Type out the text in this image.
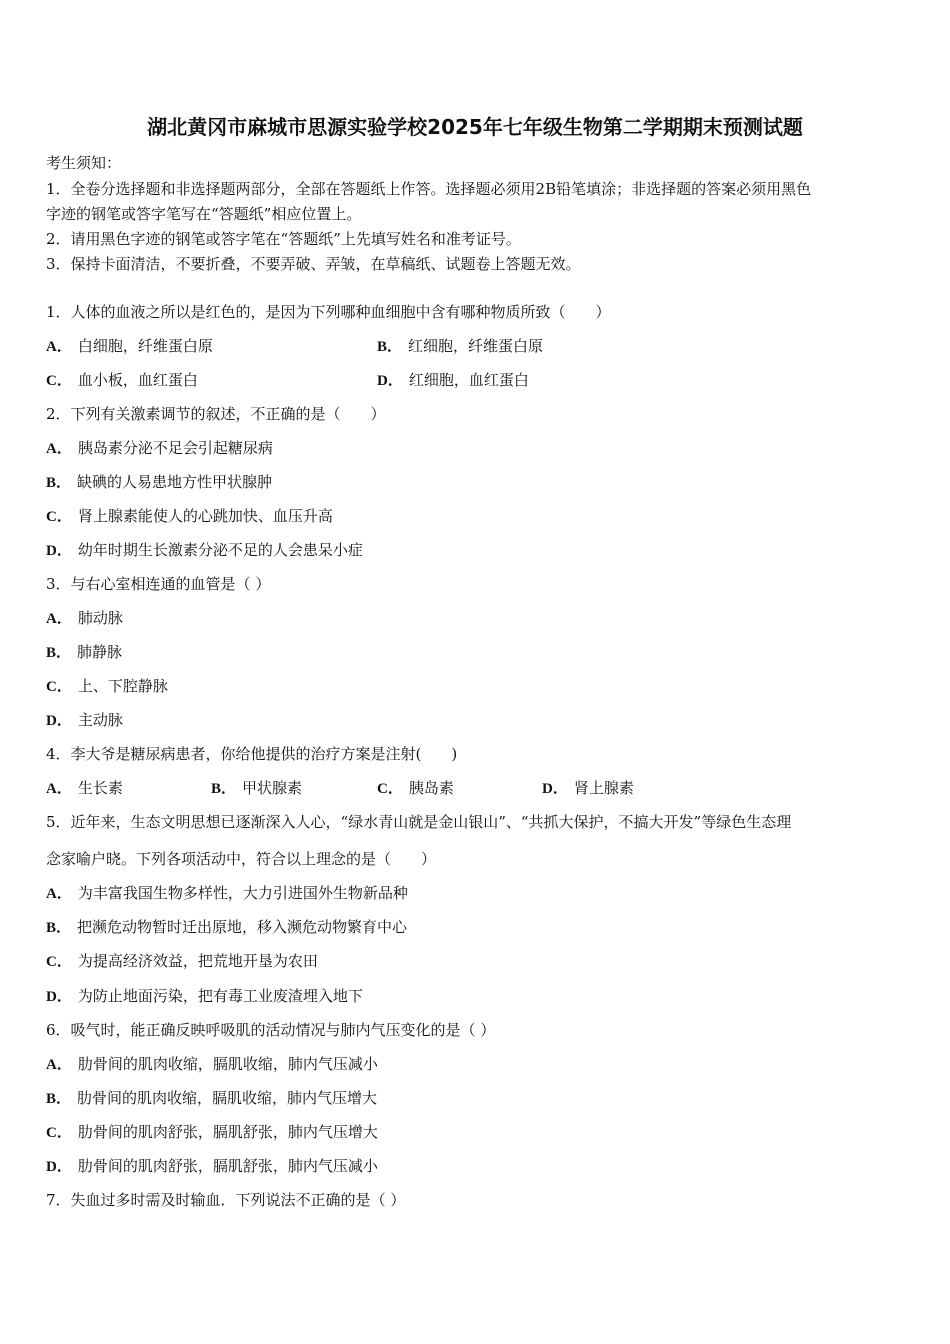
湖北黄冈市麻城市思源实验学校2025年七年级生物第二学期期末预测试题
考生须知：
1．全卷分选择题和非选择题两部分，全部在答题纸上作答。选择题必须用2B铅笔填涂；非选择题的答案必须用黑色
字迹的钢笔或答字笔写在“答题纸”相应位置上。
2．请用黑色字迹的钢笔或答字笔在“答题纸”上先填写姓名和准考证号。
3．保持卡面清洁，不要折叠，不要弄破、弄皱，在草稿纸、试题卷上答题无效。
1．人体的血液之所以是红色的，是因为下列哪种血细胞中含有哪种物质所致（　　）
A． 白细胞，纤维蛋白原	B． 红细胞，纤维蛋白原
C． 血小板，血红蛋白	D． 红细胞，血红蛋白
2．下列有关激素调节的叙述，不正确的是（　　）
A． 胰岛素分泌不足会引起糖尿病
B． 缺碘的人易患地方性甲状腺肿
C． 肾上腺素能使人的心跳加快、血压升高
D． 幼年时期生长激素分泌不足的人会患呆小症
3．与右心室相连通的血管是（ ）
A． 肺动脉
B． 肺静脉
C． 上、下腔静脉
D． 主动脉
4．李大爷是糖尿病患者，你给他提供的治疗方案是注射(　　)
A． 生长素	B． 甲状腺素	C． 胰岛素	D． 肾上腺素
5．近年来，生态文明思想已逐渐深入人心，“绿水青山就是金山银山”、“共抓大保护，不搞大开发”等绿色生态理
念家喻户晓。下列各项活动中，符合以上理念的是（　　）
A． 为丰富我国生物多样性，大力引进国外生物新品种
B． 把濒危动物暂时迁出原地，移入濒危动物繁育中心
C． 为提高经济效益，把荒地开垦为农田
D． 为防止地面污染，把有毒工业废渣埋入地下
6．吸气时，能正确反映呼吸肌的活动情况与肺内气压变化的是（ ）
A． 肋骨间的肌肉收缩，膈肌收缩，肺内气压减小
B． 肋骨间的肌肉收缩，膈肌收缩，肺内气压增大
C． 肋骨间的肌肉舒张，膈肌舒张，肺内气压增大
D． 肋骨间的肌肉舒张，膈肌舒张，肺内气压减小
7．失血过多时需及时输血．下列说法不正确的是（ ）
